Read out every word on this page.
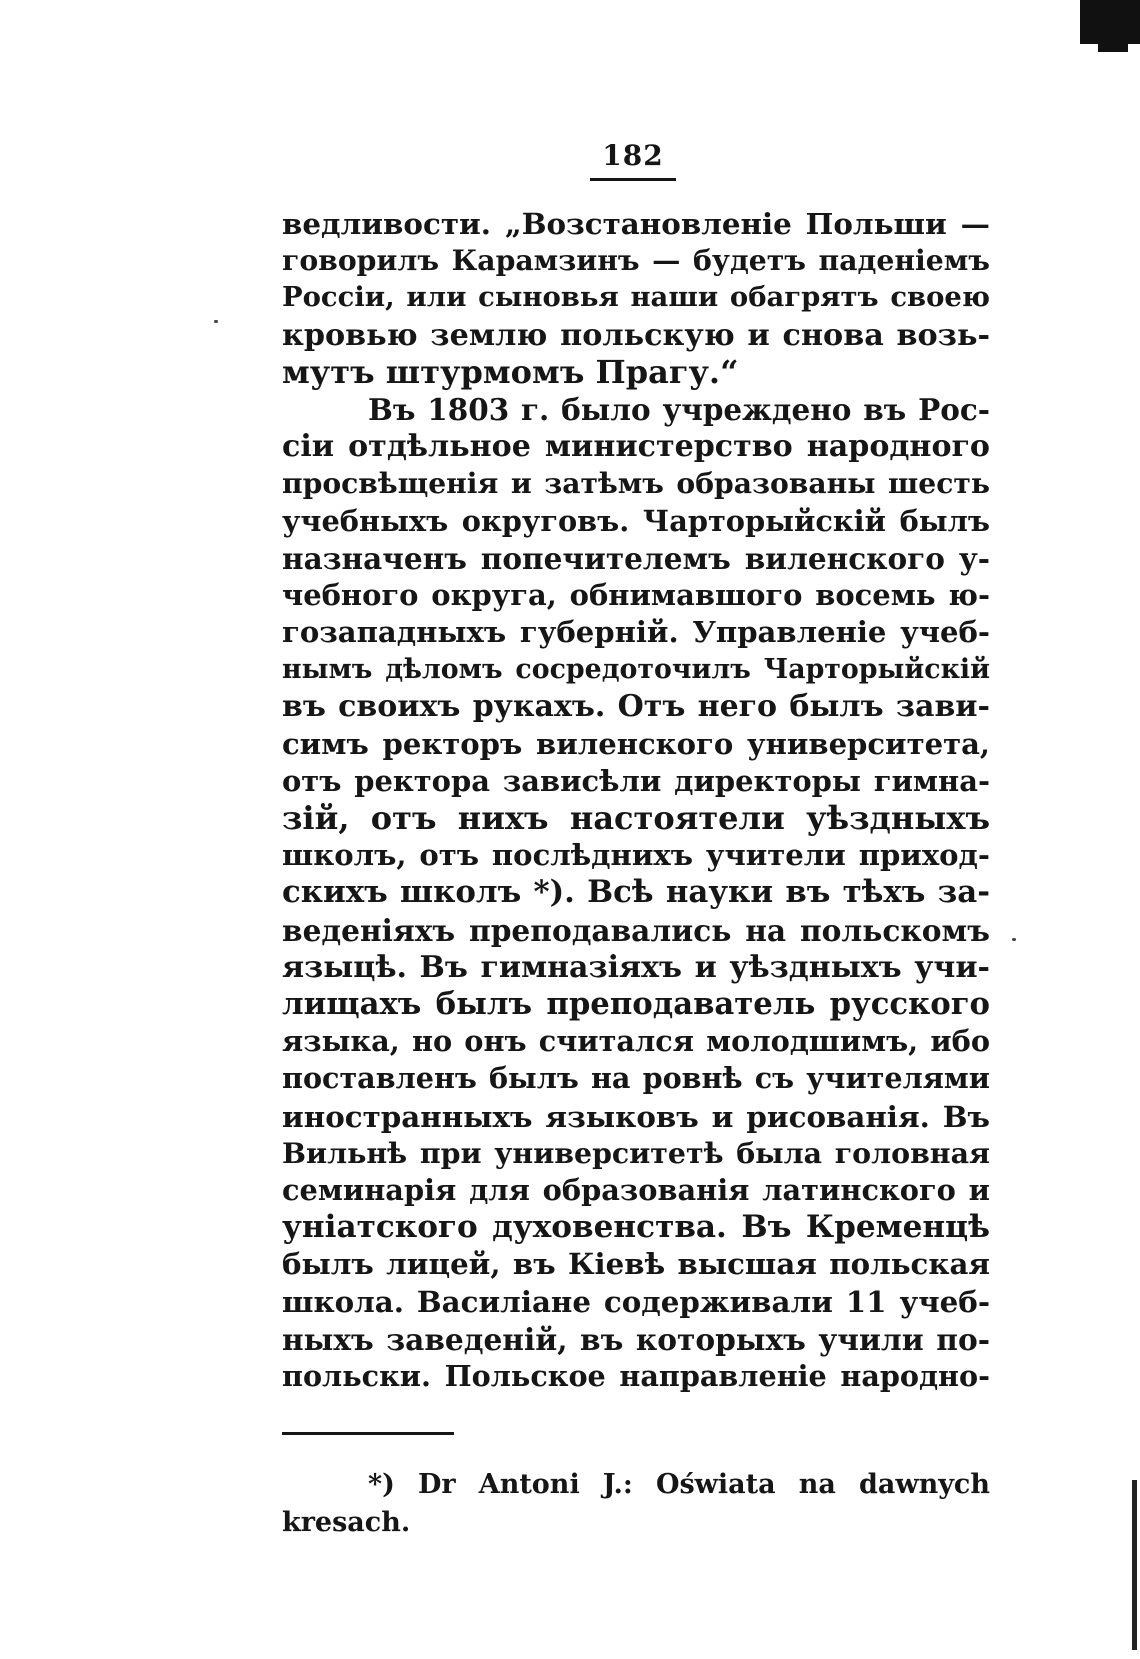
182
ведливости. „Возстановленіе Польши —
говорилъ Карамзинъ — будетъ паденіемъ
Россіи, или сыновья наши обагрятъ своею
кровью землю польскую и снова возь-
мутъ штурмомъ Прагу.“
Въ 1803 г. было учреждено въ Рос-
сіи отдѣльное министерство народного
просвѣщенія и затѣмъ образованы шесть
учебныхъ округовъ. Чарторыйскій былъ
назначенъ попечителемъ виленского у-
чебного округа, обнимавшого восемь ю-
гозападныхъ губерній. Управленіе учеб-
нымъ дѣломъ сосредоточилъ Чарторыйскій
въ своихъ рукахъ. Отъ него былъ зави-
симъ ректоръ виленского университета,
отъ ректора зависѣли директоры гимна-
зій, отъ нихъ настоятели уѣздныхъ
школъ, отъ послѣднихъ учители приход-
скихъ школъ *). Всѣ науки въ тѣхъ за-
веденіяхъ преподавались на польскомъ
языцѣ. Въ гимназіяхъ и уѣздныхъ учи-
лищахъ былъ преподаватель русского
языка, но онъ считался молодшимъ, ибо
поставленъ былъ на ровнѣ съ учителями
иностранныхъ языковъ и рисованія. Въ
Вильнѣ при университетѣ была головная
семинарія для образованія латинского и
уніатского духовенства. Въ Кременцѣ
былъ лицей, въ Кіевѣ высшая польская
школа. Василіане содерживали 11 учеб-
ныхъ заведеній, въ которыхъ учили по-
польски. Польское направленіе народно-
*) Dr Antoni J.: Oświata na dawnych
kresach.
